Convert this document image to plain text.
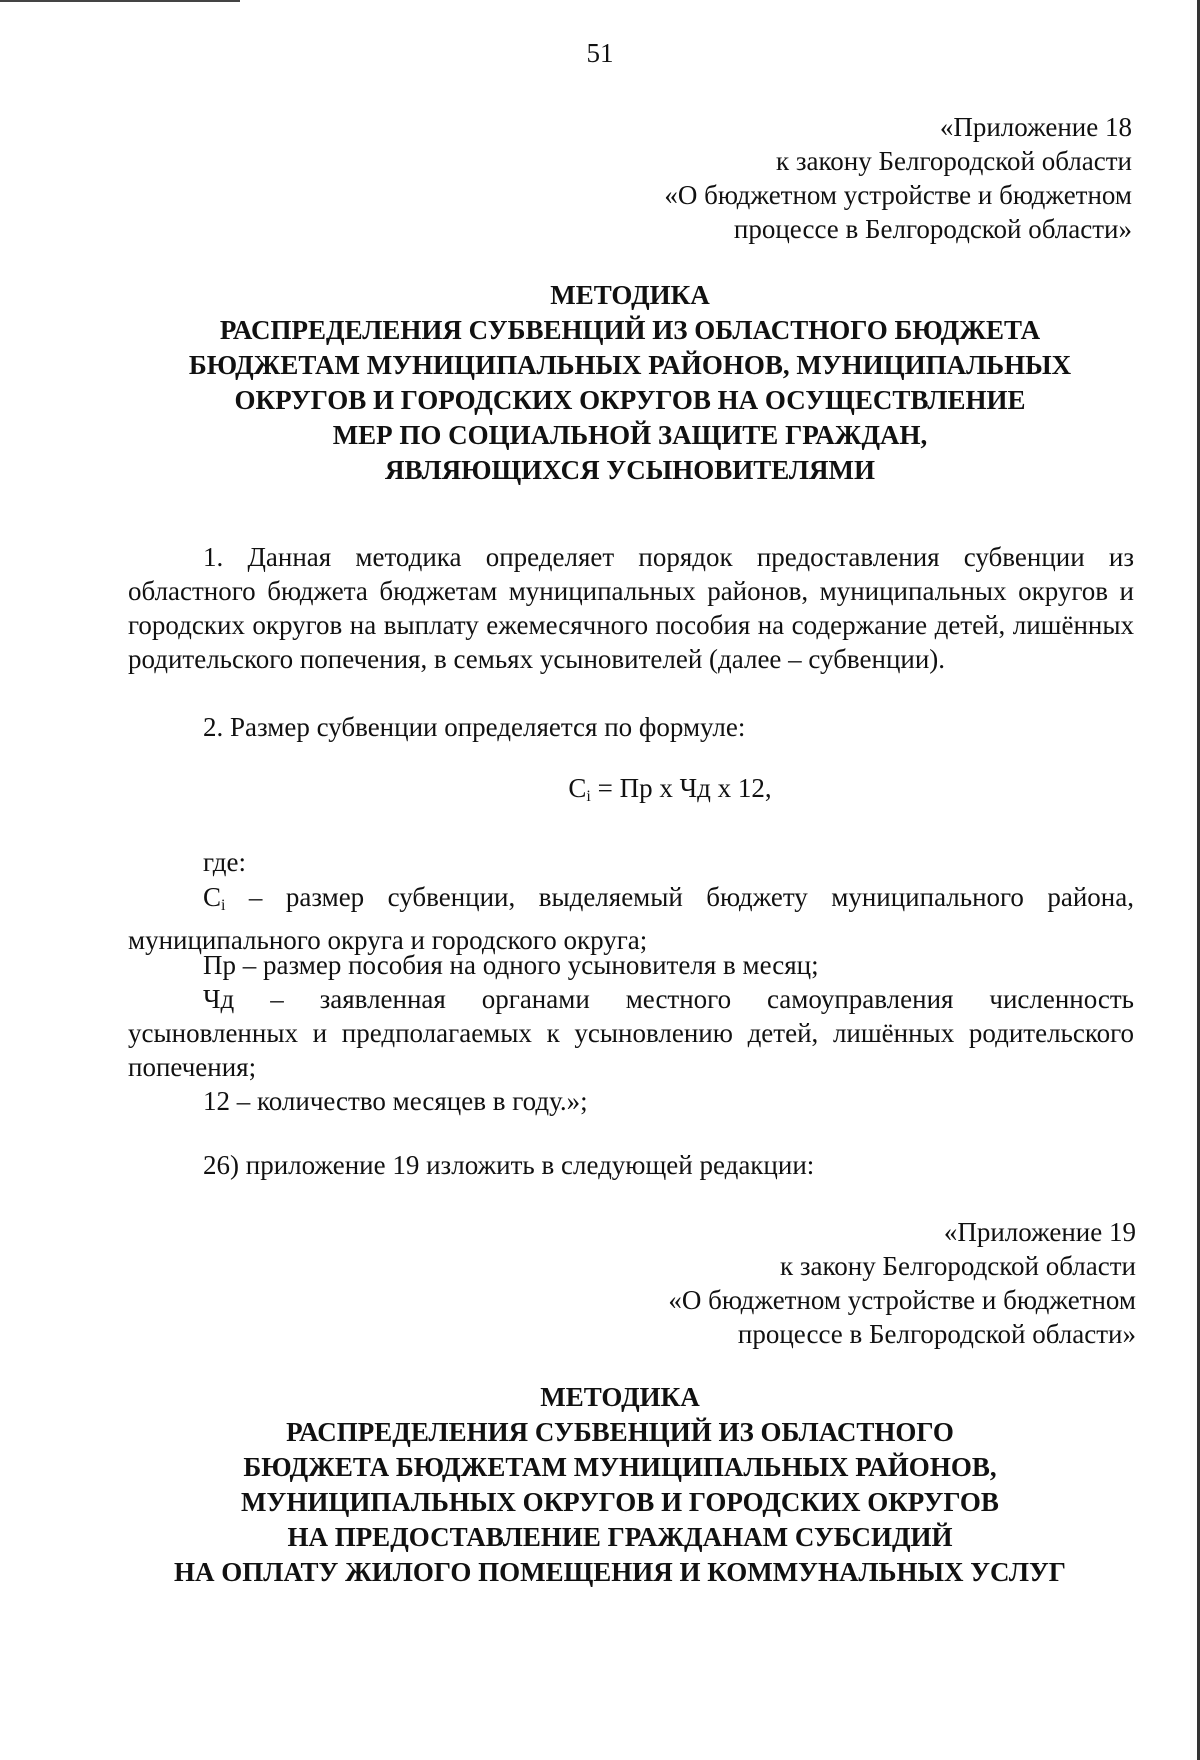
51
«Приложение 18
к закону Белгородской области
«О бюджетном устройстве и бюджетном
процессе в Белгородской области»
МЕТОДИКА
РАСПРЕДЕЛЕНИЯ СУБВЕНЦИЙ ИЗ ОБЛАСТНОГО БЮДЖЕТА
БЮДЖЕТАМ МУНИЦИПАЛЬНЫХ РАЙОНОВ, МУНИЦИПАЛЬНЫХ
ОКРУГОВ И ГОРОДСКИХ ОКРУГОВ НА ОСУЩЕСТВЛЕНИЕ
МЕР ПО СОЦИАЛЬНОЙ ЗАЩИТЕ ГРАЖДАН,
ЯВЛЯЮЩИХСЯ УСЫНОВИТЕЛЯМИ
1. Данная методика определяет порядок предоставления субвенции из областного бюджета бюджетам муниципальных районов, муниципальных округов и городских округов на выплату ежемесячного пособия на содержание детей, лишённых родительского попечения, в семьях усыновителей (далее – субвенции).
2. Размер субвенции определяется по формуле:
$С_i$ = Пр х Чд х 12,
где:
$С_i$ – размер субвенции, выделяемый бюджету муниципального района, муниципального округа и городского округа;
Пр – размер пособия на одного усыновителя в месяц;
Чд – заявленная органами местного самоуправления численность усыновленных и предполагаемых к усыновлению детей, лишённых родительского попечения;
12 – количество месяцев в году.»;
26) приложение 19 изложить в следующей редакции:
«Приложение 19
к закону Белгородской области
«О бюджетном устройстве и бюджетном
процессе в Белгородской области»
МЕТОДИКА
РАСПРЕДЕЛЕНИЯ СУБВЕНЦИЙ ИЗ ОБЛАСТНОГО
БЮДЖЕТА БЮДЖЕТАМ МУНИЦИПАЛЬНЫХ РАЙОНОВ,
МУНИЦИПАЛЬНЫХ ОКРУГОВ И ГОРОДСКИХ ОКРУГОВ
НА ПРЕДОСТАВЛЕНИЕ ГРАЖДАНАМ СУБСИДИЙ
НА ОПЛАТУ ЖИЛОГО ПОМЕЩЕНИЯ И КОММУНАЛЬНЫХ УСЛУГ
